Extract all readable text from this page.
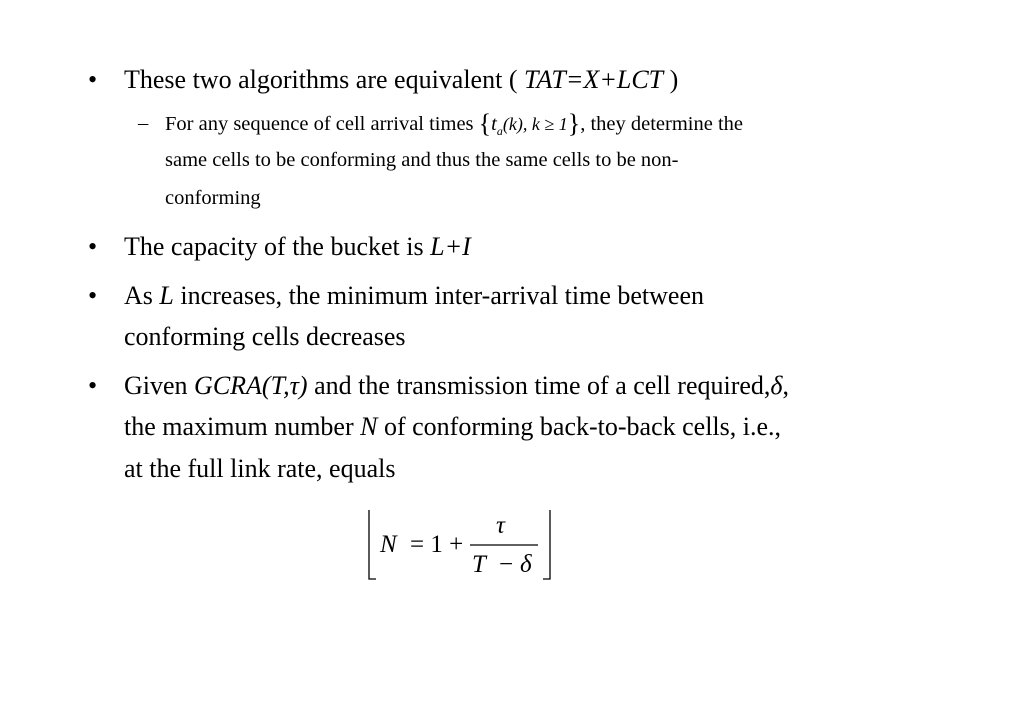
•	These two algorithms are equivalent ( TAT=X+LCT )
– For any sequence of cell arrival times {$t_a(k)$, k ≥ 1}, they determine the
same cells to be conforming and thus the same cells to be non-
conforming
•	The capacity of the bucket is L+I
•	As L increases, the minimum inter-arrival time between
conforming cells decreases
•	Given GCRA(T,τ) and the transmission time of a cell required,δ,
the maximum number N of conforming back-to-back cells, i.e.,
at the full link rate, equals
N = 1 +
τ
T − δ
